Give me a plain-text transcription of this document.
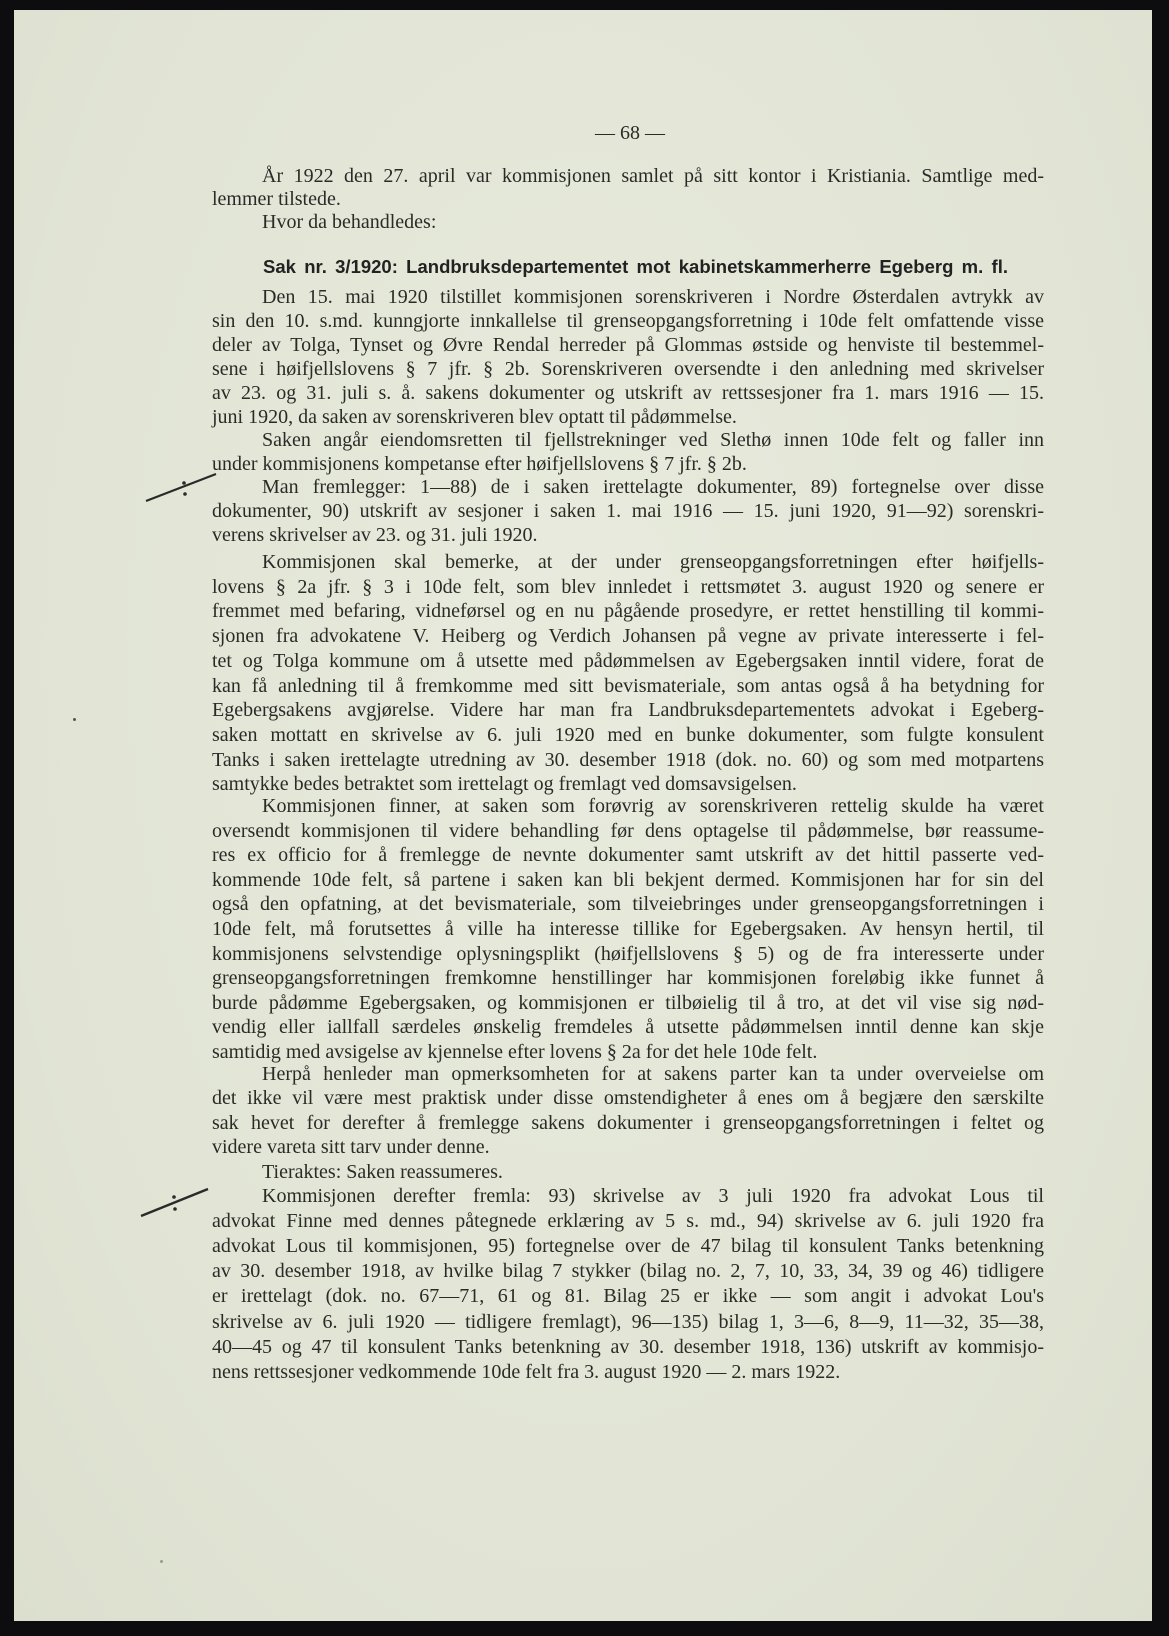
— 68 —
Sak nr. 3/1920: Landbruksdepartementet mot kabinetskammerherre Egeberg m. fl.
År 1922 den 27. april var kommisjonen samlet på sitt kontor i Kristiania. Samtlige med-
lemmer tilstede.
Hvor da behandledes:
Den 15. mai 1920 tilstillet kommisjonen sorenskriveren i Nordre Østerdalen avtrykk av
sin den 10. s.md. kunngjorte innkallelse til grenseopgangsforretning i 10de felt omfattende visse
deler av Tolga, Tynset og Øvre Rendal herreder på Glommas østside og henviste til bestemmel-
sene i høifjellslovens § 7 jfr. § 2b. Sorenskriveren oversendte i den anledning med skrivelser
av 23. og 31. juli s. å. sakens dokumenter og utskrift av rettssesjoner fra 1. mars 1916 — 15.
juni 1920, da saken av sorenskriveren blev optatt til pådømmelse.
Saken angår eiendomsretten til fjellstrekninger ved Slethø innen 10de felt og faller inn
under kommisjonens kompetanse efter høifjellslovens § 7 jfr. § 2b.
Man fremlegger: 1—88) de i saken irettelagte dokumenter, 89) fortegnelse over disse
dokumenter, 90) utskrift av sesjoner i saken 1. mai 1916 — 15. juni 1920, 91—92) sorenskri-
verens skrivelser av 23. og 31. juli 1920.
Kommisjonen skal bemerke, at der under grenseopgangsforretningen efter høifjells-
lovens § 2a jfr. § 3 i 10de felt, som blev innledet i rettsmøtet 3. august 1920 og senere er
fremmet med befaring, vidneførsel og en nu pågående prosedyre, er rettet henstilling til kommi-
sjonen fra advokatene V. Heiberg og Verdich Johansen på vegne av private interesserte i fel-
tet og Tolga kommune om å utsette med pådømmelsen av Egebergsaken inntil videre, forat de
kan få anledning til å fremkomme med sitt bevismateriale, som antas også å ha betydning for
Egebergsakens avgjørelse. Videre har man fra Landbruksdepartementets advokat i Egeberg-
saken mottatt en skrivelse av 6. juli 1920 med en bunke dokumenter, som fulgte konsulent
Tanks i saken irettelagte utredning av 30. desember 1918 (dok. no. 60) og som med motpartens
samtykke bedes betraktet som irettelagt og fremlagt ved domsavsigelsen.
Kommisjonen finner, at saken som forøvrig av sorenskriveren rettelig skulde ha været
oversendt kommisjonen til videre behandling før dens optagelse til pådømmelse, bør reassume-
res ex officio for å fremlegge de nevnte dokumenter samt utskrift av det hittil passerte ved-
kommende 10de felt, så partene i saken kan bli bekjent dermed. Kommisjonen har for sin del
også den opfatning, at det bevismateriale, som tilveiebringes under grenseopgangsforretningen i
10de felt, må forutsettes å ville ha interesse tillike for Egebergsaken. Av hensyn hertil, til
kommisjonens selvstendige oplysningsplikt (høifjellslovens § 5) og de fra interesserte under
grenseopgangsforretningen fremkomne henstillinger har kommisjonen foreløbig ikke funnet å
burde pådømme Egebergsaken, og kommisjonen er tilbøielig til å tro, at det vil vise sig nød-
vendig eller iallfall særdeles ønskelig fremdeles å utsette pådømmelsen inntil denne kan skje
samtidig med avsigelse av kjennelse efter lovens § 2a for det hele 10de felt.
Herpå henleder man opmerksomheten for at sakens parter kan ta under overveielse om
det ikke vil være mest praktisk under disse omstendigheter å enes om å begjære den særskilte
sak hevet for derefter å fremlegge sakens dokumenter i grenseopgangsforretningen i feltet og
videre vareta sitt tarv under denne.
Tieraktes: Saken reassumeres.
Kommisjonen derefter fremla: 93) skrivelse av 3 juli 1920 fra advokat Lous til
advokat Finne med dennes påtegnede erklæring av 5 s. md., 94) skrivelse av 6. juli 1920 fra
advokat Lous til kommisjonen, 95) fortegnelse over de 47 bilag til konsulent Tanks betenkning
av 30. desember 1918, av hvilke bilag 7 stykker (bilag no. 2, 7, 10, 33, 34, 39 og 46) tidligere
er irettelagt (dok. no. 67—71, 61 og 81. Bilag 25 er ikke — som angit i advokat Lou's
skrivelse av 6. juli 1920 — tidligere fremlagt), 96—135) bilag 1, 3—6, 8—9, 11—32, 35—38,
40—45 og 47 til konsulent Tanks betenkning av 30. desember 1918, 136) utskrift av kommisjo-
nens rettssesjoner vedkommende 10de felt fra 3. august 1920 — 2. mars 1922.
